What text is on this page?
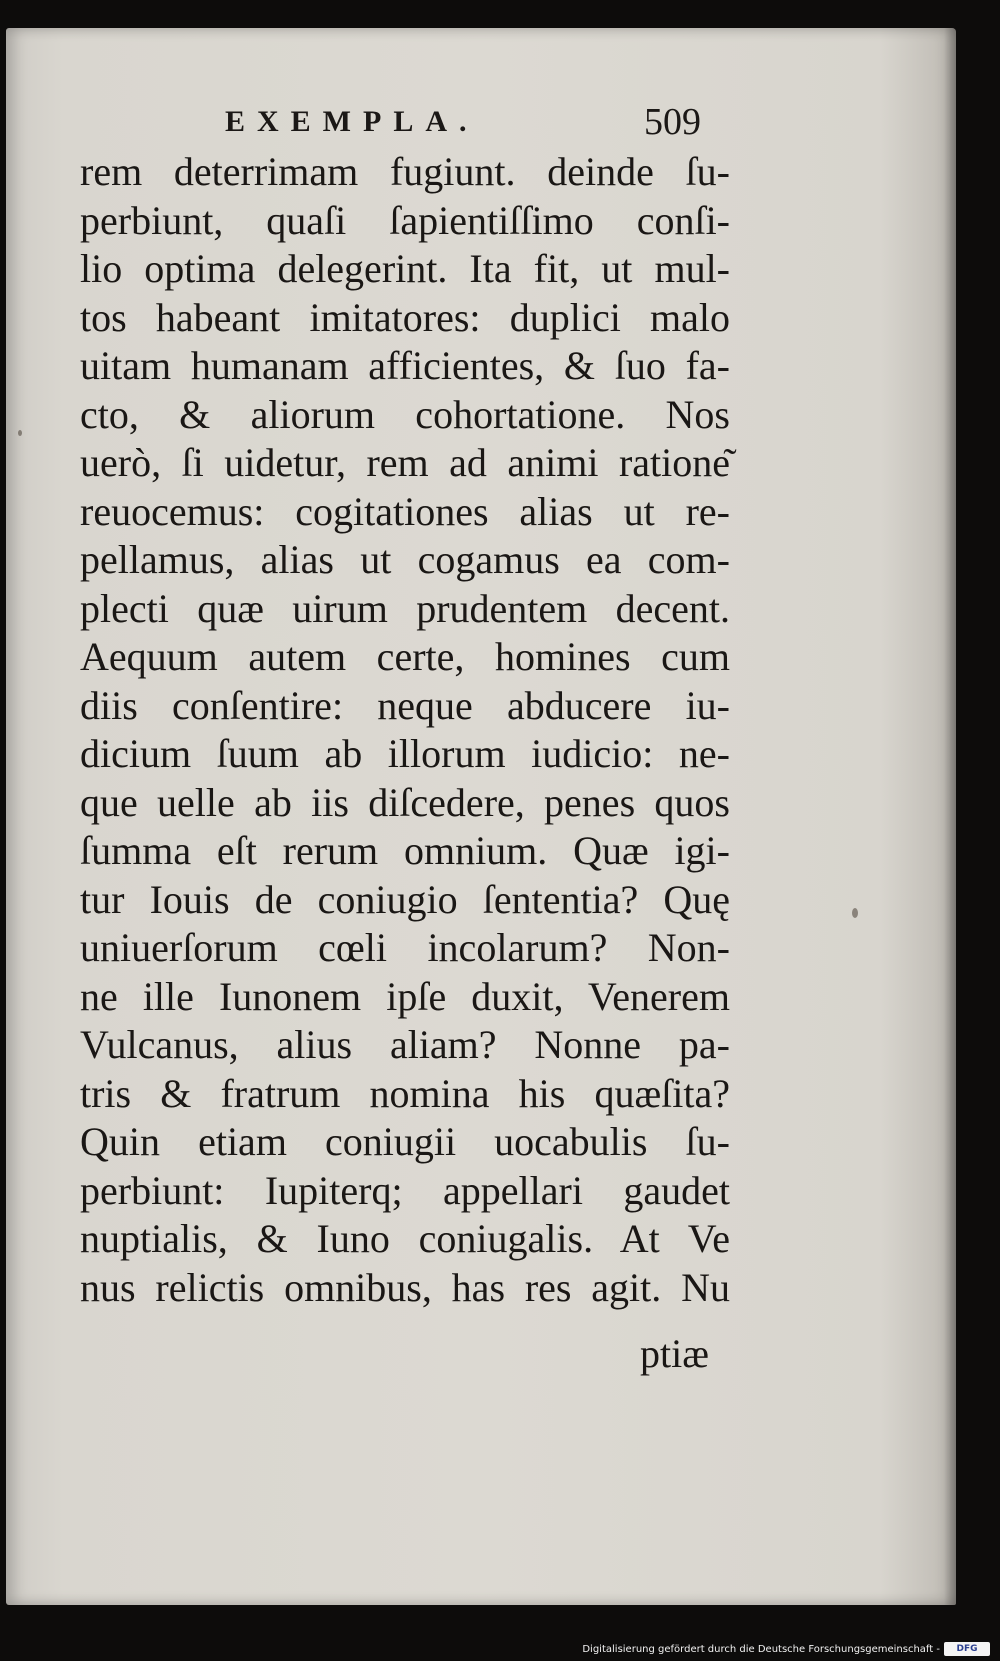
EXEMPLA.	509
rem deterrimam fugiunt. deinde ſu-
perbiunt, quaſi ſapientiſſimo conſi-
lio optima delegerint. Ita fit, ut mul-
tos habeant imitatores: duplici malo
uitam humanam afficientes, & ſuo fa-
cto, & aliorum cohortatione. Nos
uerò, ſi uidetur, rem ad animi ratione͂
reuocemus: cogitationes alias ut re-
pellamus, alias ut cogamus ea com-
plecti quæ uirum prudentem decent.
Aequum autem certe, homines cum
diis conſentire: neque abducere iu-
dicium ſuum ab illorum iudicio: ne-
que uelle ab iis diſcedere, penes quos
ſumma eſt rerum omnium. Quæ igi-
tur Iouis de coniugio ſententia? Quę
uniuerſorum cœli incolarum? Non-
ne ille Iunonem ipſe duxit, Venerem
Vulcanus, alius aliam? Nonne pa-
tris & fratrum nomina his quæſita?
Quin etiam coniugii uocabulis ſu-
perbiunt: Iupiterq; appellari gaudet
nuptialis, & Iuno coniugalis. At Ve
nus relictis omnibus, has res agit. Nu
ptiæ
Digitalisierung gefördert durch die Deutsche Forschungsgemeinschaft -	DFG
